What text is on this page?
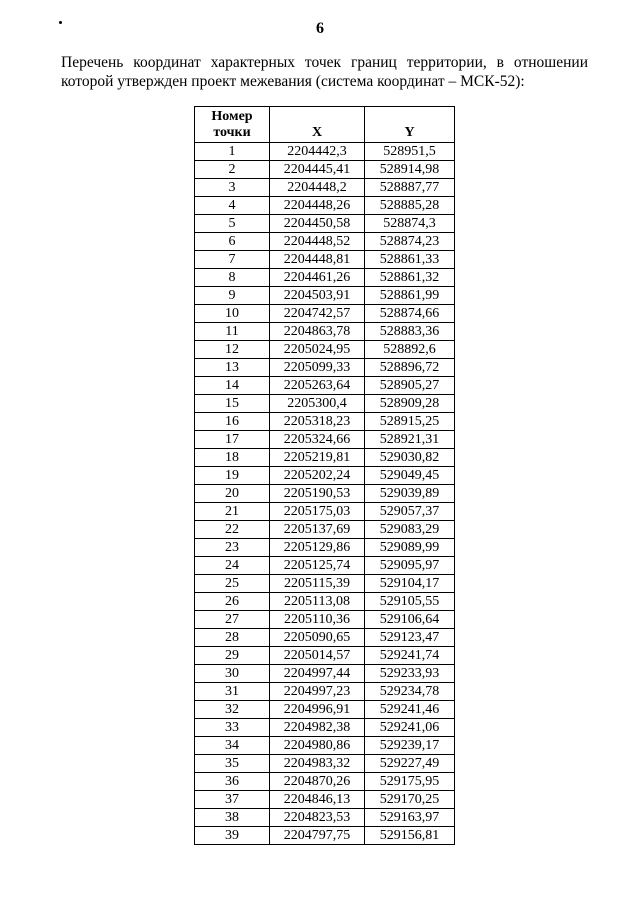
6
Перечень координат характерных точек границ территории, в отношении которой утвержден проект межевания (система координат – МСК-52):
Номер
точки	X	Y
1	2204442,3	528951,5
2	2204445,41	528914,98
3	2204448,2	528887,77
4	2204448,26	528885,28
5	2204450,58	528874,3
6	2204448,52	528874,23
7	2204448,81	528861,33
8	2204461,26	528861,32
9	2204503,91	528861,99
10	2204742,57	528874,66
11	2204863,78	528883,36
12	2205024,95	528892,6
13	2205099,33	528896,72
14	2205263,64	528905,27
15	2205300,4	528909,28
16	2205318,23	528915,25
17	2205324,66	528921,31
18	2205219,81	529030,82
19	2205202,24	529049,45
20	2205190,53	529039,89
21	2205175,03	529057,37
22	2205137,69	529083,29
23	2205129,86	529089,99
24	2205125,74	529095,97
25	2205115,39	529104,17
26	2205113,08	529105,55
27	2205110,36	529106,64
28	2205090,65	529123,47
29	2205014,57	529241,74
30	2204997,44	529233,93
31	2204997,23	529234,78
32	2204996,91	529241,46
33	2204982,38	529241,06
34	2204980,86	529239,17
35	2204983,32	529227,49
36	2204870,26	529175,95
37	2204846,13	529170,25
38	2204823,53	529163,97
39	2204797,75	529156,81
